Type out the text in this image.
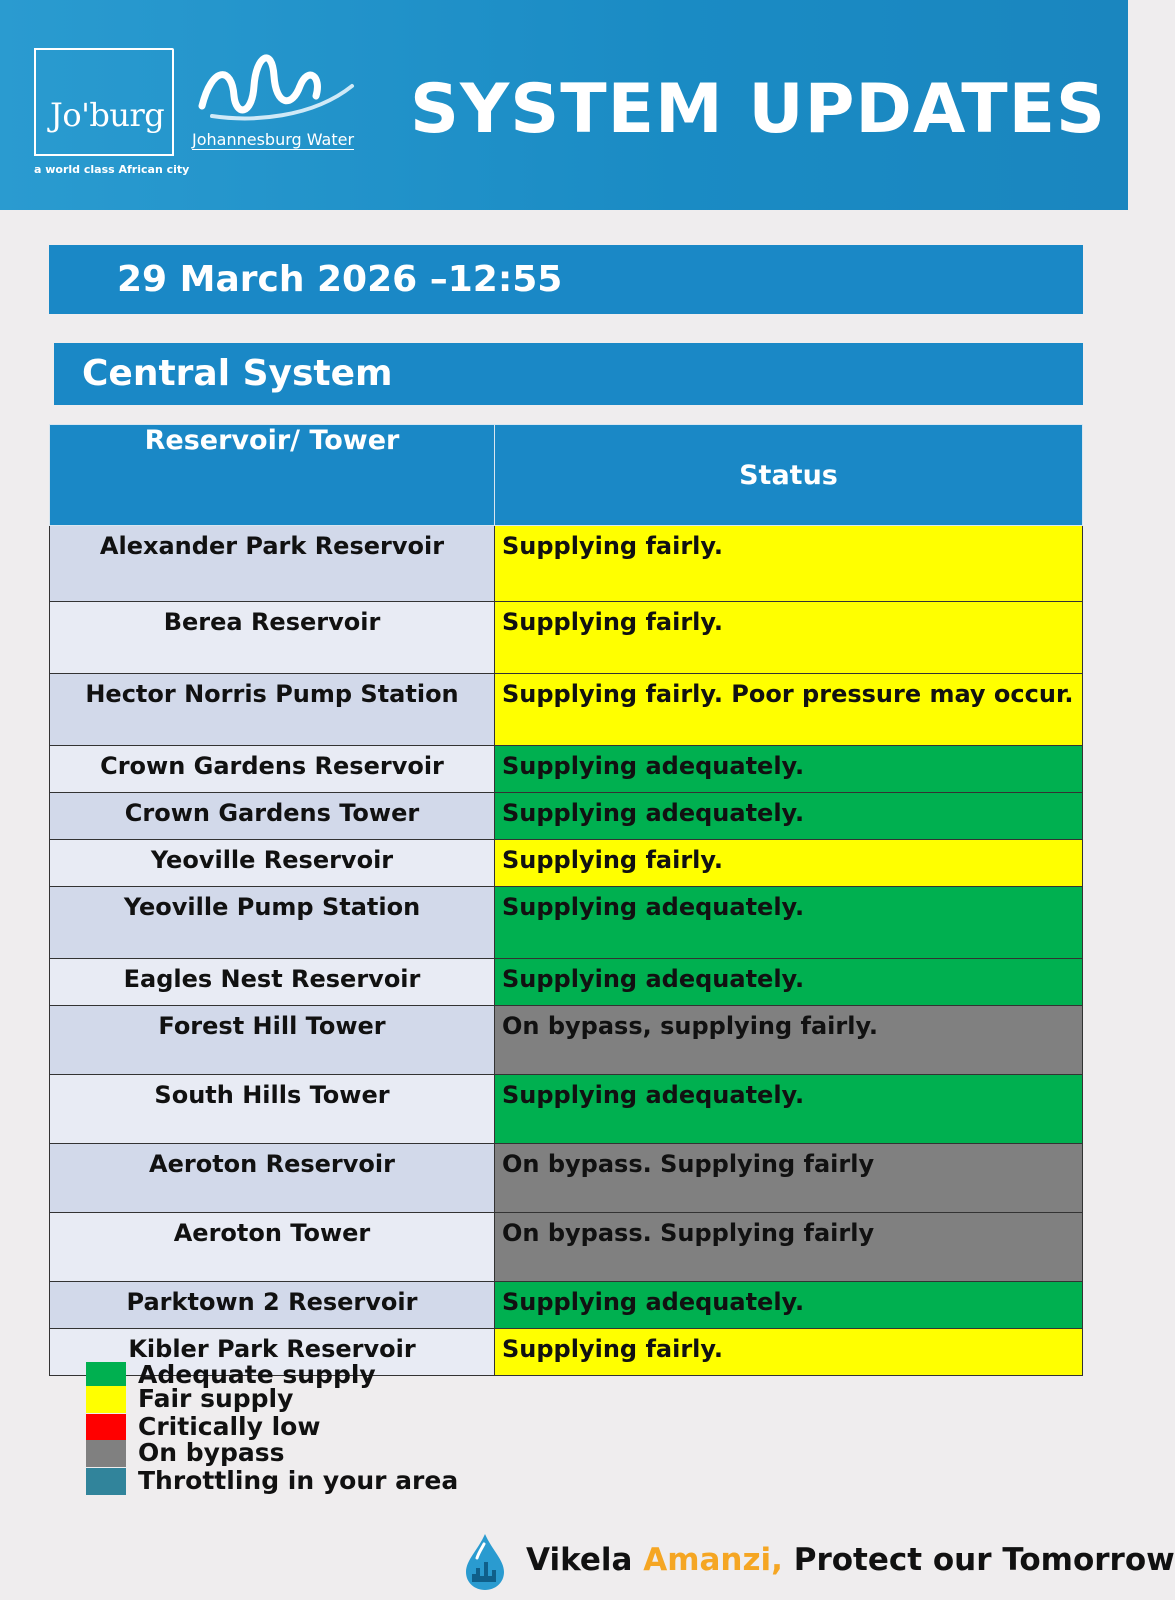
Jo'burg
a world class African city
Johannesburg Water SYSTEM UPDATES
29 March 2026 –12:55
Central System
Reservoir/ Tower	Status
Alexander Park Reservoir	Supplying fairly.
Berea Reservoir	Supplying fairly.
Hector Norris Pump Station	Supplying fairly. Poor pressure may occur.
Crown Gardens Reservoir	Supplying adequately.
Crown Gardens Tower	Supplying adequately.
Yeoville Reservoir	Supplying fairly.
Yeoville Pump Station	Supplying adequately.
Eagles Nest Reservoir	Supplying adequately.
Forest Hill Tower	On bypass, supplying fairly.
South Hills Tower	Supplying adequately.
Aeroton Reservoir	On bypass. Supplying fairly
Aeroton Tower	On bypass. Supplying fairly
Parktown 2 Reservoir	Supplying adequately.
Kibler Park Reservoir	Supplying fairly.
Adequate supply
Fair supply
Critically low
On bypass
Throttling in your area
Vikela Amanzi, Protect our Tomorrow
